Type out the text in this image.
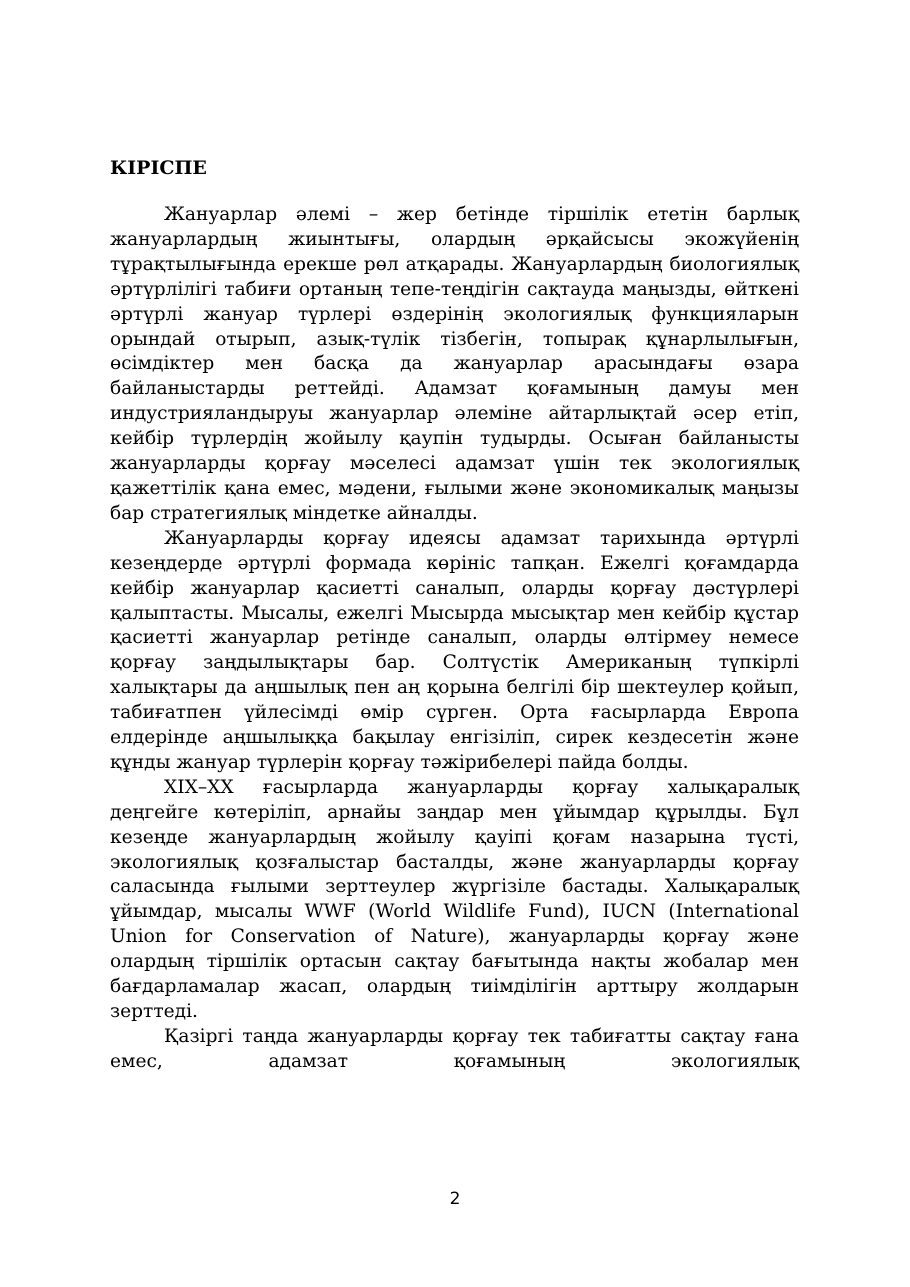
КІРІСПЕ

Жануарлар әлемі – жер бетінде тіршілік ететін барлық жануарлардың жиынтығы, олардың әрқайсысы экожүйенің тұрақтылығында ерекше рөл атқарады. Жануарлардың биологиялық әртүрлілігі табиғи ортаның тепе-теңдігін сақтауда маңызды, өйткені әртүрлі жануар түрлері өздерінің экологиялық функцияларын орындай отырып, азық-түлік тізбегін, топырақ құнарлылығын, өсімдіктер мен басқа да жануарлар арасындағы өзара байланыстарды реттейді. Адамзат қоғамының дамуы мен индустрияландыруы жануарлар әлеміне айтарлықтай әсер етіп, кейбір түрлердің жойылу қаупін тудырды. Осыған байланысты жануарларды қорғау мәселесі адамзат үшін тек экологиялық қажеттілік қана емес, мәдени, ғылыми және экономикалық маңызы бар стратегиялық міндетке айналды.

Жануарларды қорғау идеясы адамзат тарихында әртүрлі кезеңдерде әртүрлі формада көрініс тапқан. Ежелгі қоғамдарда кейбір жануарлар қасиетті саналып, оларды қорғау дәстүрлері қалыптасты. Мысалы, ежелгі Мысырда мысықтар мен кейбір құстар қасиетті жануарлар ретінде саналып, оларды өлтірмеу немесе қорғау заңдылықтары бар. Солтүстік Американың түпкірлі халықтары да аңшылық пен аң қорына белгілі бір шектеулер қойып, табиғатпен үйлесімді өмір сүрген. Орта ғасырларда Европа елдерінде аңшылыққа бақылау енгізіліп, сирек кездесетін және құнды жануар түрлерін қорғау тәжірибелері пайда болды.

XIX–XX ғасырларда жануарларды қорғау халықаралық деңгейге көтеріліп, арнайы заңдар мен ұйымдар құрылды. Бұл кезеңде жануарлардың жойылу қауіпі қоғам назарына түсті, экологиялық қозғалыстар басталды, және жануарларды қорғау саласында ғылыми зерттеулер жүргізіле бастады. Халықаралық ұйымдар, мысалы WWF (World Wildlife Fund), IUCN (International Union for Conservation of Nature), жануарларды қорғау және олардың тіршілік ортасын сақтау бағытында нақты жобалар мен бағдарламалар жасап, олардың тиімділігін арттыру жолдарын зерттеді.

Қазіргі таңда жануарларды қорғау тек табиғатты сақтау ғана емес, адамзат қоғамының экологиялық

2
